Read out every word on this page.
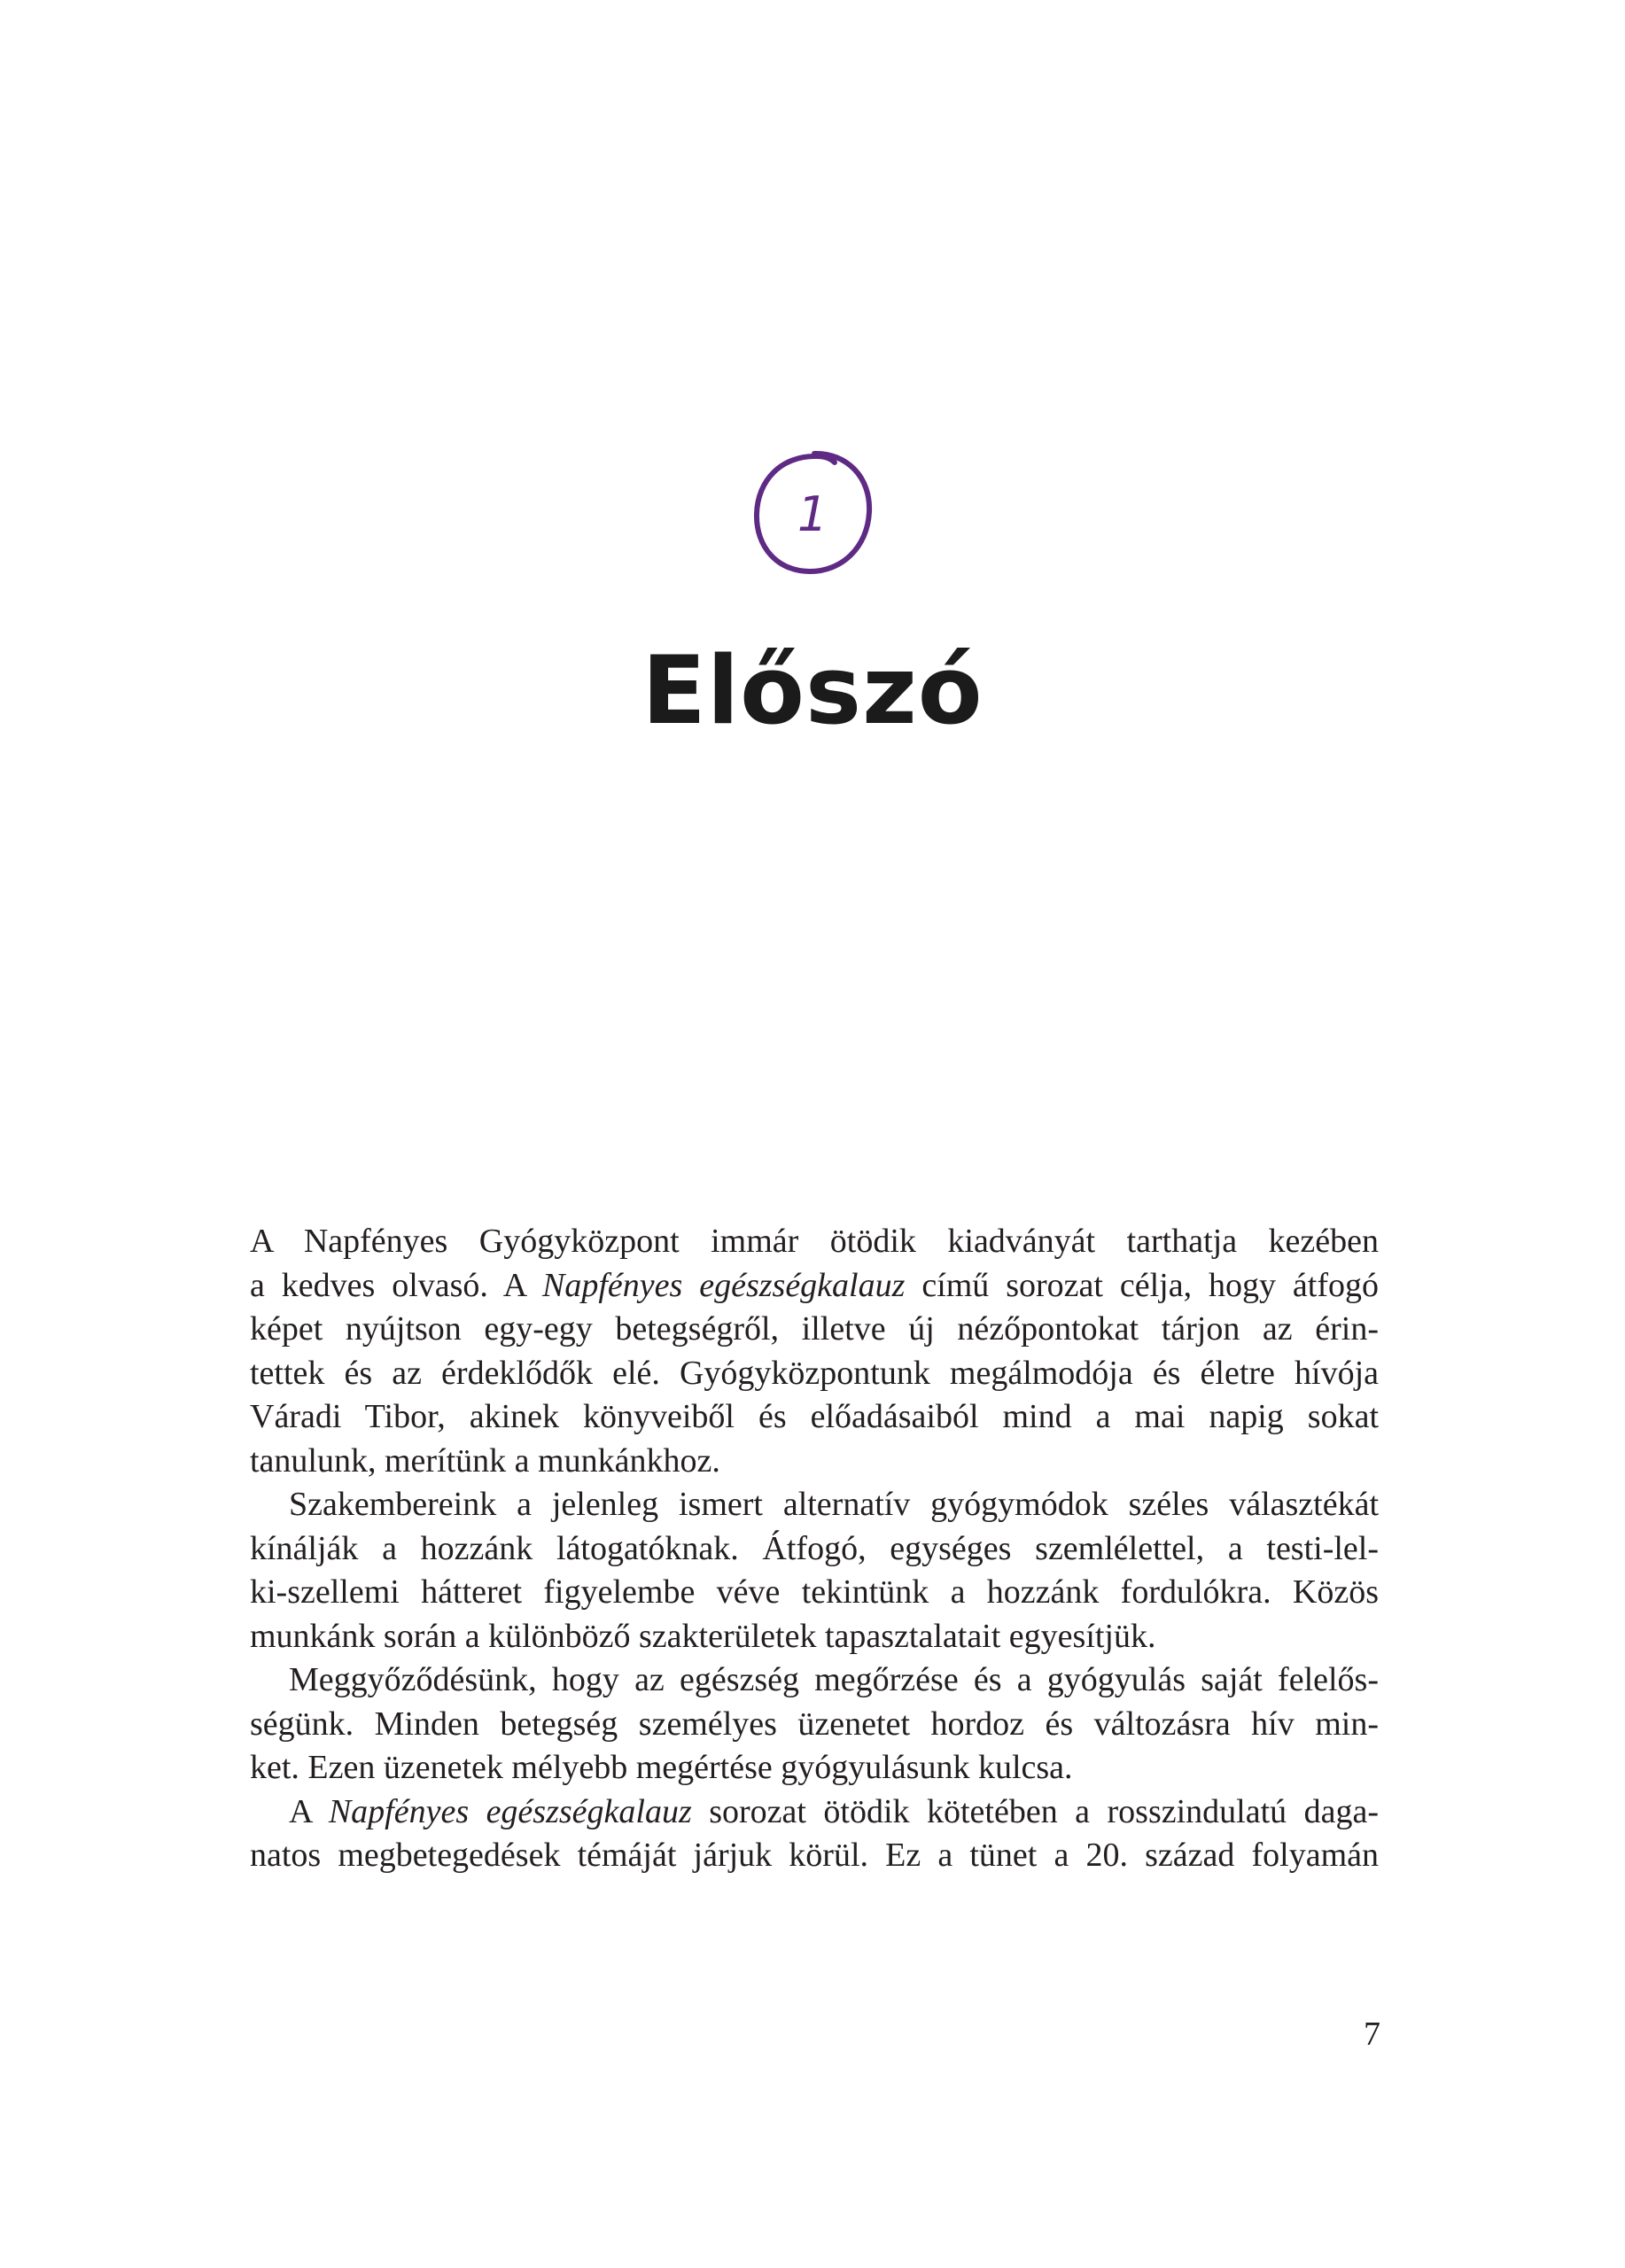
1
Előszó

A Napfényes Gyógyközpont immár ötödik kiadványát tarthatja kezében
a kedves olvasó. A Napfényes egészségkalauz című sorozat célja, hogy átfogó
képet nyújtson egy-egy betegségről, illetve új nézőpontokat tárjon az érin-
tettek és az érdeklődők elé. Gyógyközpontunk megálmodója és életre hívója
Váradi Tibor, akinek könyveiből és előadásaiból mind a mai napig sokat
tanulunk, merítünk a munkánkhoz.

Szakembereink a jelenleg ismert alternatív gyógymódok széles választékát
kínálják a hozzánk látogatóknak. Átfogó, egységes szemlélettel, a testi-lel-
ki-szellemi hátteret figyelembe véve tekintünk a hozzánk fordulókra. Közös
munkánk során a különböző szakterületek tapasztalatait egyesítjük.

Meggyőződésünk, hogy az egészség megőrzése és a gyógyulás saját felelős-
ségünk. Minden betegség személyes üzenetet hordoz és változásra hív min-
ket. Ezen üzenetek mélyebb megértése gyógyulásunk kulcsa.

A Napfényes egészségkalauz sorozat ötödik kötetében a rosszindulatú daga-
natos megbetegedések témáját járjuk körül. Ez a tünet a 20. század folyamán

7
